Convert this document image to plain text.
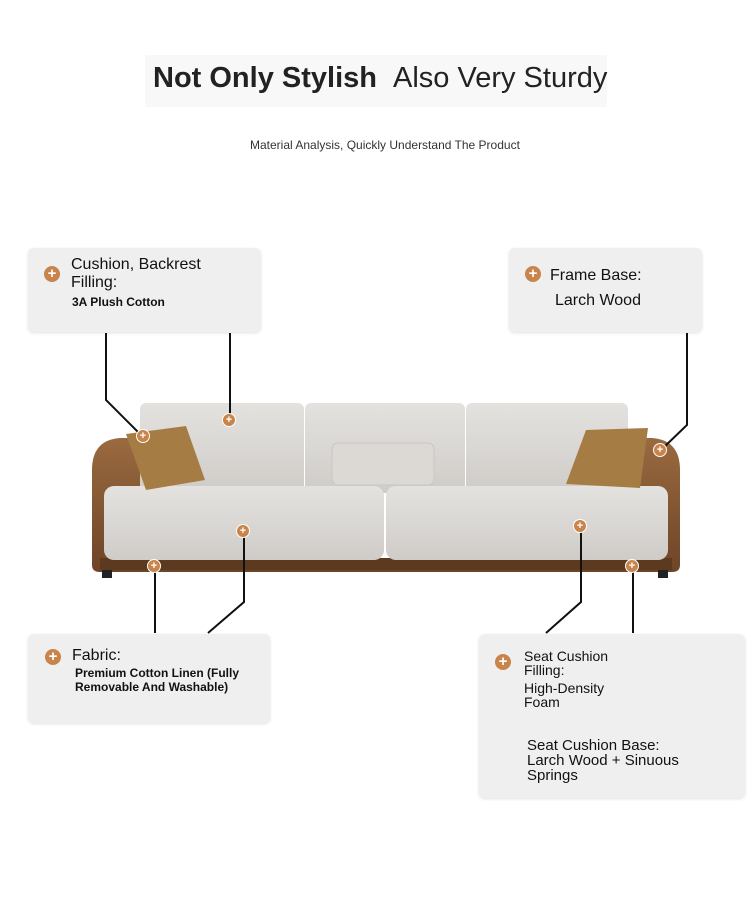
Not Only Stylish Also Very Sturdy
Material Analysis, Quickly Understand The Product
+
+
+
+	+
+	+
+
Cushion, Backrest
Filling:
3A Plush Cotton
+ Frame Base:
Larch Wood
+ Fabric:
Premium Cotton Linen (Fully
Removable And Washable)
+ Seat Cushion
Filling:
High-Density
Foam
Seat Cushion Base:
Larch Wood + Sinuous
Springs
